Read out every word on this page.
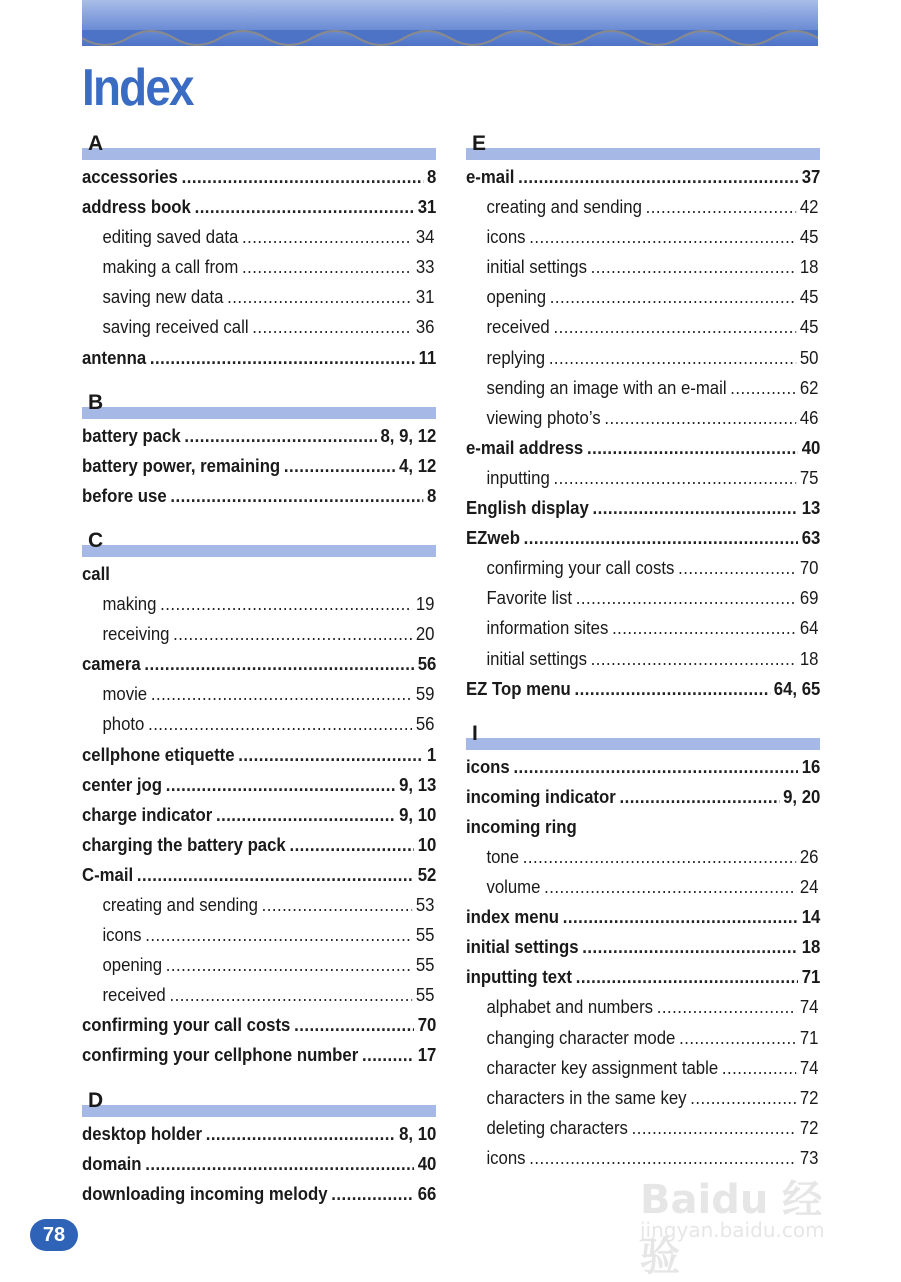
Index
A
accessories .....	8
address book .....	31
editing saved data .....	34
making a call from .....	33
saving new data .....	31
saving received call .....	36
antenna .....	11
B
battery pack .....	8, 9, 12
battery power, remaining .....	4, 12
before use .....	8
C
call
making .....	19
receiving .....	20
camera .....	56
movie .....	59
photo .....	56
cellphone etiquette .....	1
center jog .....	9, 13
charge indicator .....	9, 10
charging the battery pack .....	10
C-mail .....	52
creating and sending .....	53
icons .....	55
opening .....	55
received .....	55
confirming your call costs .....	70
confirming your cellphone number .....	17
D
desktop holder .....	8, 10
domain .....	40
downloading incoming melody .....	66
E
e-mail .....	37
creating and sending .....	42
icons .....	45
initial settings .....	18
opening .....	45
received .....	45
replying .....	50
sending an image with an e-mail .....	62
viewing photo’s .....	46
e-mail address .....	40
inputting .....	75
English display .....	13
EZweb .....	63
confirming your call costs .....	70
Favorite list .....	69
information sites .....	64
initial settings .....	18
EZ Top menu .....	64, 65
I
icons .....	16
incoming indicator .....	9, 20
incoming ring
tone .....	26
volume .....	24
index menu .....	14
initial settings .....	18
inputting text .....	71
alphabet and numbers .....	74
changing character mode .....	71
character key assignment table .....	74
characters in the same key .....	72
deleting characters .....	72
icons .....	73
78
Baidu 经验
jingyan.baidu.com
